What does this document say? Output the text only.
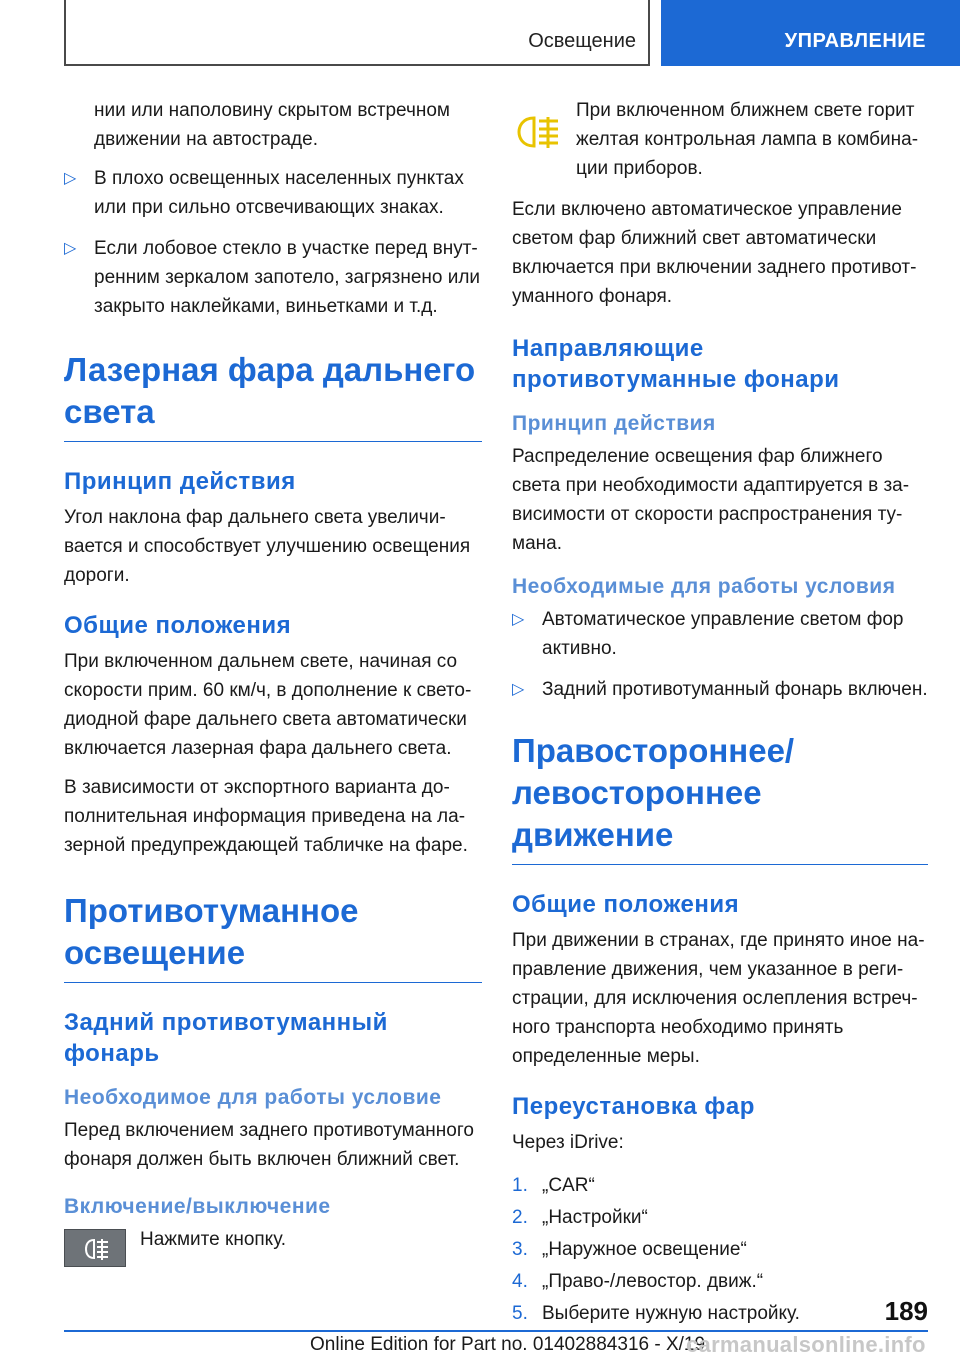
Освещение	УПРАВЛЕНИЕ

нии или наполовину скрытом встречном движении на автостраде.

▷ В плохо освещенных населенных пунктах или при сильно отсвечивающих знаках.
▷ Если лобовое стекло в участке перед внутренним зеркалом запотело, загрязнено или закрыто наклейками, виньетками и т.д.
Лазерная фара дальнего света
Принцип действия

Угол наклона фар дальнего света увеличивается и способствует улучшению освещения дороги.

Общие положения

При включенном дальнем свете, начиная со скорости прим. 60 км/ч, в дополнение к светодиодной фаре дальнего света автоматически включается лазерная фара дальнего света.

В зависимости от экспортного варианта дополнительная информация приведена на лазерной предупреждающей табличке на фаре.

Противотуманное освещение
Задний противотуманный фонарь
Необходимое для работы условие

Перед включением заднего противотуманного фонаря должен быть включен ближний свет.

Включение/выключение

Нажмите кнопку.

При включенном ближнем свете горит желтая контрольная лампа в комбинации приборов.

Если включено автоматическое управление светом фар ближний свет автоматически включается при включении заднего противотуманного фонаря.

Направляющие противотуманные фонари
Принцип действия

Распределение освещения фар ближнего света при необходимости адаптируется в зависимости от скорости распространения тумана.

Необходимые для работы условия
▷ Автоматическое управление светом фор активно.
▷ Задний противотуманный фонарь включен.
Правостороннее/ левостороннее движение
Общие положения

При движении в странах, где принято иное направление движения, чем указанное в регистрации, для исключения ослепления встречного транспорта необходимо принять определенные меры.

Переустановка фар

Через iDrive:

1. „CAR“
2. „Настройки“
3. „Наружное освещение“
4. „Право-/левостор. движ.“
5. Выберите нужную настройку.	189
Online Edition for Part no. 01402884316 - X/19
carmanualsonline.info
